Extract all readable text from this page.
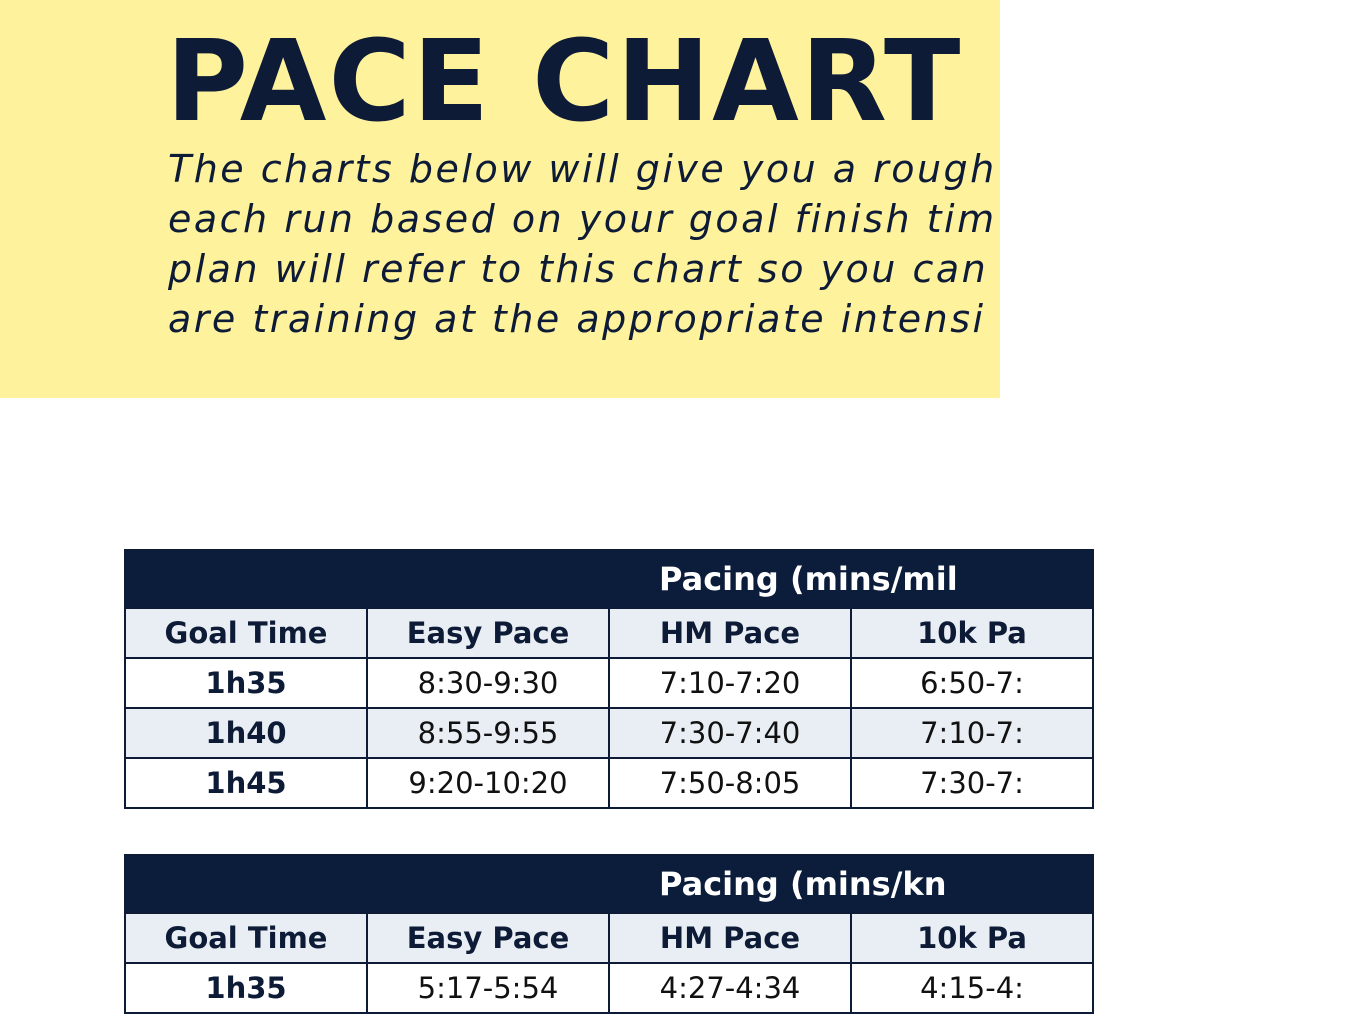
PACE CHART

The charts below will give you a rough
each run based on your goal finish tim
plan will refer to this chart so you can
are training at the appropriate intensi

Pacing (mins/mil			
Goal Time	Easy Pace	HM Pace	10k Pa
1h35	8:30-9:30	7:10-7:20	6:50-7:
1h40	8:55-9:55	7:30-7:40	7:10-7:
1h45	9:20-10:20	7:50-8:05	7:30-7:
Pacing (mins/kn			
Goal Time	Easy Pace	HM Pace	10k Pa
1h35	5:17-5:54	4:27-4:34	4:15-4:
